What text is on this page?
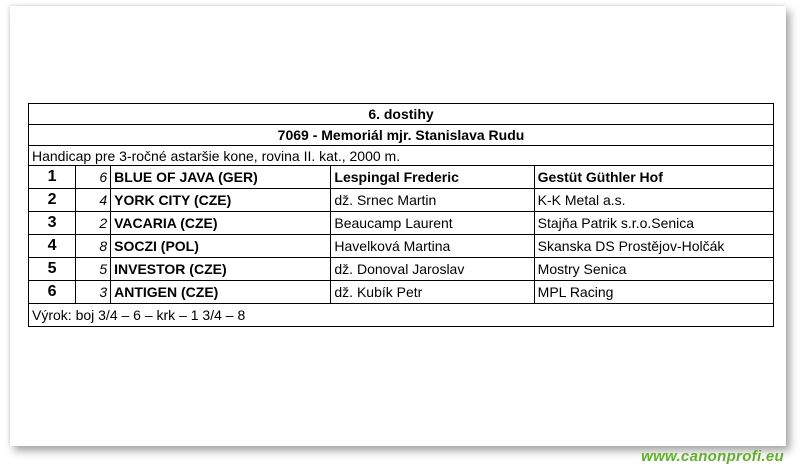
6. dostihy				
7069 - Memoriál mjr. Stanislava Rudu				
Handicap pre 3-ročné astaršie kone, rovina II. kat., 2000 m.				
1	6	BLUE OF JAVA (GER)	Lespingal Frederic	Gestüt Güthler Hof
2	4	YORK CITY (CZE)	dž. Srnec Martin	K-K Metal a.s.
3	2	VACARIA (CZE)	Beaucamp Laurent	Stajňa Patrik s.r.o.Senica
4	8	SOCZI (POL)	Havelková Martina	Skanska DS Prostějov-Holčák
5	5	INVESTOR (CZE)	dž. Donoval Jaroslav	Mostry Senica
6	3	ANTIGEN (CZE)	dž. Kubík Petr	MPL Racing
Výrok: boj 3/4 – 6 – krk – 1 3/4 – 8				
www.canonprofi.eu
